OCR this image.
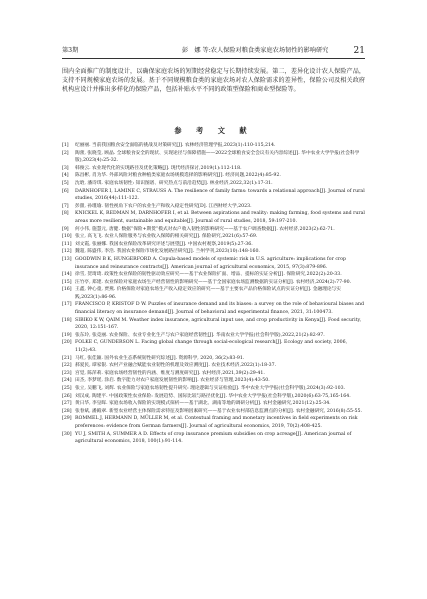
第3期	彭　娜 等:农人保险对粮食类家庭农场韧性的影响研究	21

围内全面推广的制度设计，以确保家庭农场的短期经营稳定与长期持续发展。第二，差异化设计农人保险产品，支持不同规模家庭农场的发展。基于不同规模粮食类的家庭农场对农人保险需求的差异性，保险公司及相关政府机构应设计并推出多样化的保险产品，包括补贴水平不同的政策型保险和商业型保险等。

参 考 文 献
[1] 纪丽丽. 当前我国粮食安全面临的挑战及对策研究[J]. 农林经济管理学报,2023(1):110-115,214.
[2] 陶蕾, 张晓莹, 顾晶. 全球粮食安全的现状、实现途径与保障措施——2022全球粮食安全会议有关内容综述[J]. 华中农业大学学报(社会科学版),2023(4):25-32.
[3] 韩俊云. 农业现代化的实现路径及优化策略[J]. 现代经济探讨,2019(1):112-118.
[4] 陈昌彬, 肖为华. 外部风险对粮食种植类家庭农场规模选择的影响研究[J]. 经济问题,2022(4):85-92.
[5] 沈晗, 潘诗琪. 家庭农场韧性: 知识图谱、研究热点与前沿趋势[J]. 林业经济,2022,32(1):17-31.
[6] DARNHOFER I, LAMINE C, STRAUSS A. The resilience of family farms: towards a relational approach[J]. Journal of rural studies, 2016(44):111-122.
[7] 彭甜, 孙瑾瑜. 韧性视角下农户的农业生产和收入稳定性研究[D]. 江西财经大学,2023.
[8] KNICKEL K, REDMAN M, DARNHOFER I, et al. Between aspirations and reality: making farming, food systems and rural areas more resilient, sustainable and equitable[J]. Journal of rural studies, 2018, 59:197-210.
[9] 何小伟, 施慧元, 唐健. 数据“保险+期货”模式对农户收入韧性的影响研究——基于农户调查数据[J]. 农村经济,2023(2):62-71.
[10] 张立, 高飞飞. 农业人保险服务与农业收入保障的相关研究[J]. 保险研究,2021(6):57-69.
[11] 刘文霞, 张丽娜. 我国农业保险改革研究评述与展望[J]. 中国农村观察,2019(5):27-36.
[12] 魏超, 陈盛伟, 李浩. 我国农业保险市场化发展路径研究[J]. 兰州学刊,2023(10):148-160.
[13] GOODWIN B K, HUNGERFORD A. Copula-based models of systemic risk in U.S. agriculture: implications for crop insurance and reinsurance contracts[J]. American journal of agricultural economics, 2015, 97(3):879-896.
[14] 徐雪, 贺琦琦. 政策性农业保险的韧性驱动效应研究——基于农业保险扩面、增品、提标的实证分析[J]. 保险研究,2022(2):20-33.
[15] 汪竹亭, 郑建. 农业保险对家庭农场生产经营韧性的影响研究——基于全国家庭农场监测数据的实证分析[J]. 农村经济,2024(2):77-90.
[16] 王鑫, 钟心童, 贾燕. 价格保险对家庭农场生产收入稳定效应的研究——基于主要农产品价格保险试点的实证分析[J]. 金融理论与实践,2023(1):86-96.
[17] FRANCISCO P, KRISTOF D W. Puzzles of insurance demand and its biases: a survey on the role of behavioural biases and financial literacy on insurance demand[J]. Journal of behavioral and experimental finance, 2021, 31:100473.
[18] SIBIKO K W, QAIM M. Weather index insurance, agricultural input use, and crop productivity in Kenya[J]. Food security, 2020, 12:151-167.
[19] 张东玲, 张竞丽. 农业保险、农业专业化生产与农户家庭经营韧性[J]. 华南农业大学学报(社会科学版),2022,21(2):82-97.
[20] FOLKE C, GUNDERSON L. Facing global change through social-ecological research[J]. Ecology and society, 2006, 11(2):43.
[21] 马红, 张佳颖. 国外农业生态系统韧性研究综述[J]. 资源科学, 2020, 36(2):83-91.
[22] 郝爱民, 谭家银. 农村产业融合赋能农业韧性的机理及效应测度[J]. 农业技术经济,2022(1):18-37.
[23] 宫觉, 陈萍莉. 家庭农场经营韧性的内涵、维度与测度研究[J]. 农村经济,2021,39(2):29-41.
[24] 田杰, 李梦瑶, 涂启. 数字能力对农户家庭发展韧性的影响[J]. 农业经济与管理,2023(4):43-50.
[25] 张立, 吴鹏飞, 刘辉. 农业保险与家庭农场韧性提升研究: 理论逻辑与实证检验[J]. 华中农业大学学报(社会科学版),2024(3):92-103.
[26] 刘汉成, 陶建平. 中国政策性农业保险: 发展趋势、国际比较与路径优化[J]. 华中农业大学学报(社会科学版),2020(6):63-75,165-164.
[27] 黄日华, 李皇晖. 家庭农场收入保险的实现模式探析——基于湖北、湖南等地的调研分析[J]. 农村金融研究,2021(12):25-34.
[28] 张春斌, 潘殿翠. 新型农业经营主体保险需求特征及影响因素研究——基于农业农村部信息监测点的分析[J]. 农村金融研究, 2016(8):55-55.
[29] ROMMEL J, HERMANN D, MÜLLER M, et al. Contextual framing and monetary incentives in field experiments on risk preferences: evidence from German farmers[J]. Journal of agricultural economics, 2019, 70(2):408-425.
[30] YU J, SMITH A, SUMMER A D. Effects of crop insurance premium subsidies on crop acreage[J]. American journal of agricultural economics, 2018, 100(1):91-114.
